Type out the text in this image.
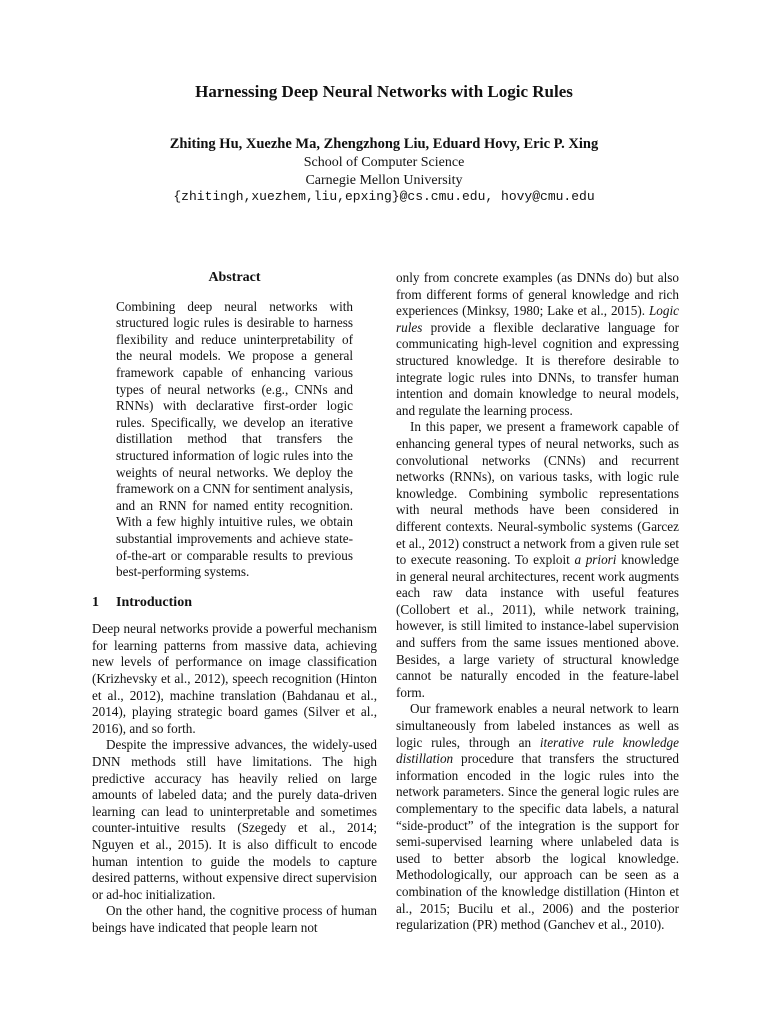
Harnessing Deep Neural Networks with Logic Rules
Zhiting Hu, Xuezhe Ma, Zhengzhong Liu, Eduard Hovy, Eric P. Xing
School of Computer Science
Carnegie Mellon University
{zhitingh,xuezhem,liu,epxing}@cs.cmu.edu, hovy@cmu.edu
Abstract

Combining deep neural networks with structured logic rules is desirable to harness flexibility and reduce uninterpretability of the neural models. We propose a general framework capable of enhancing various types of neural networks (e.g., CNNs and RNNs) with declarative first-order logic rules. Specifically, we develop an iterative distillation method that transfers the structured information of logic rules into the weights of neural networks. We deploy the framework on a CNN for sentiment analysis, and an RNN for named entity recognition. With a few highly intuitive rules, we obtain substantial improvements and achieve state-of-the-art or comparable results to previous best-performing systems.

1 Introduction

Deep neural networks provide a powerful mechanism for learning patterns from massive data, achieving new levels of performance on image classification (Krizhevsky et al., 2012), speech recognition (Hinton et al., 2012), machine translation (Bahdanau et al., 2014), playing strategic board games (Silver et al., 2016), and so forth.

Despite the impressive advances, the widely-used DNN methods still have limitations. The high predictive accuracy has heavily relied on large amounts of labeled data; and the purely data-driven learning can lead to uninterpretable and sometimes counter-intuitive results (Szegedy et al., 2014; Nguyen et al., 2015). It is also difficult to encode human intention to guide the models to capture desired patterns, without expensive direct supervision or ad-hoc initialization.

On the other hand, the cognitive process of human beings have indicated that people learn not

only from concrete examples (as DNNs do) but also from different forms of general knowledge and rich experiences (Minksy, 1980; Lake et al., 2015). Logic rules provide a flexible declarative language for communicating high-level cognition and expressing structured knowledge. It is therefore desirable to integrate logic rules into DNNs, to transfer human intention and domain knowledge to neural models, and regulate the learning process.

In this paper, we present a framework capable of enhancing general types of neural networks, such as convolutional networks (CNNs) and recurrent networks (RNNs), on various tasks, with logic rule knowledge. Combining symbolic representations with neural methods have been considered in different contexts. Neural-symbolic systems (Garcez et al., 2012) construct a network from a given rule set to execute reasoning. To exploit a priori knowledge in general neural architectures, recent work augments each raw data instance with useful features (Collobert et al., 2011), while network training, however, is still limited to instance-label supervision and suffers from the same issues mentioned above. Besides, a large variety of structural knowledge cannot be naturally encoded in the feature-label form.

Our framework enables a neural network to learn simultaneously from labeled instances as well as logic rules, through an iterative rule knowledge distillation procedure that transfers the structured information encoded in the logic rules into the network parameters. Since the general logic rules are complementary to the specific data labels, a natural “side-product” of the integration is the support for semi-supervised learning where unlabeled data is used to better absorb the logical knowledge. Methodologically, our approach can be seen as a combination of the knowledge distillation (Hinton et al., 2015; Bucilu et al., 2006) and the posterior regularization (PR) method (Ganchev et al., 2010).
